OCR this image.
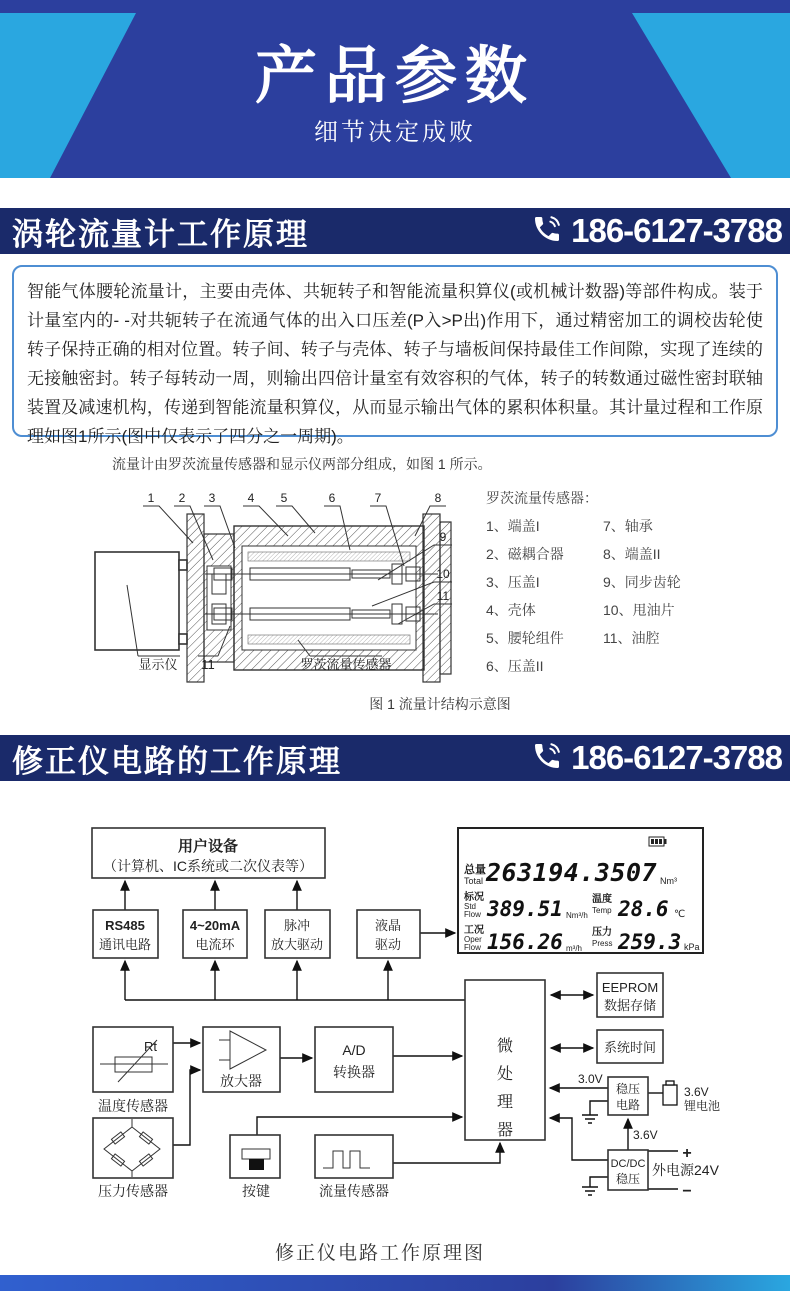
产品参数
细节决定成败
涡轮流量计工作原理	186-6127-3788
智能气体腰轮流量计，主要由壳体、共轭转子和智能流量积算仪(或机械计数器)等部件构成。装于计量室内的- -对共轭转子在流通气体的出入口压差(P入>P出)作用下，通过精密加工的调校齿轮使转子保持正确的相对位置。转子间、转子与壳体、转子与墙板间保持最佳工作间隙，实现了连续的无接触密封。转子每转动一周，则输出四倍计量室有效容积的气体，转子的转数通过磁性密封联轴装置及减速机构，传递到智能流量积算仪，从而显示输出气体的累积体积量。其计量过程和工作原理如图1所示(图中仅表示了四分之一周期)。
流量计由罗茨流量传感器和显示仪两部分组成，如图 1 所示。
1 2 3	4 5	6	7	8
9
10
11
显示仪 11	罗茨流量传感器
罗茨流量传感器：
1、端盖I
2、磁耦合器
3、压盖I
4、壳体
5、腰轮组件
6、压盖II
7、轴承
8、端盖II
9、同步齿轮
10、甩油片
11、油腔
图 1 流量计结构示意图
修正仪电路的工作原理	186-6127-3788
用户设备
（计算机、IC系统或二次仪表等）
RS485
通讯电路
4~20mA
电流环
脉冲
放大驱动
液晶
驱动
总量
Total 263194.3507 Nm³
标况
Std
Flow 389.51 Nm³/h
温度
Temp 28.6 ℃
工况
Oper
Flow 156.26 m³/h
压力
Press 259.3 kPa
微
处
理
器
EEPROM
数据存储
系统时间
稳压
电路
3.6V
锂电池
3.0V
3.6V
DC/DC
稳压
+
外电源24V
−
Rt
温度传感器
压力传感器
放大器
A/D
转换器
按键	流量传感器
修正仪电路工作原理图
